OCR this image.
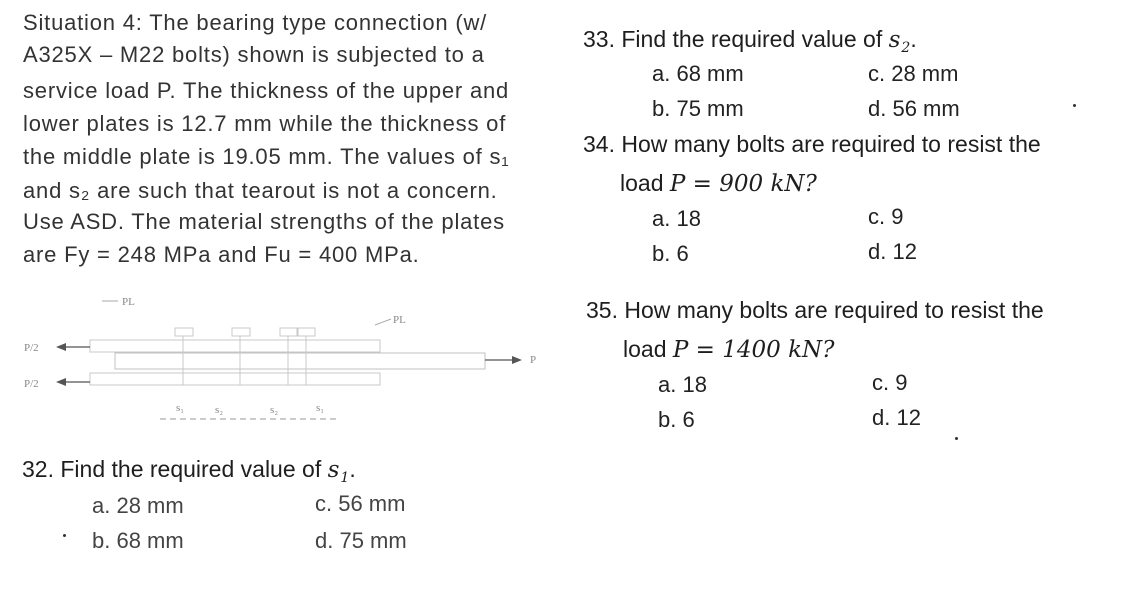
Situation 4: The bearing type connection (w/
A325X – M22 bolts) shown is subjected to a
service load P. The thickness of the upper and
lower plates is 12.7 mm while the thickness of
the middle plate is 19.05 mm. The values of s₁
and s₂ are such that tearout is not a concern.
Use ASD. The material strengths of the plates
are Fy = 248 MPa and Fu = 400 MPa.
PL
PL
P/2
P/2
P
s₁	s₂	s₂	s₁
32. Find the required value of $s_1$.
a. 28 mm
b. 68 mm
c. 56 mm
d. 75 mm
33. Find the required value of $s_2$.
a. 68 mm
b. 75 mm
c. 28 mm
d. 56 mm
34. How many bolts are required to resist the
load P = 900 kN?
a. 18
b. 6
c. 9
d. 12
35. How many bolts are required to resist the
load P = 1400 kN?
a. 18
b. 6
c. 9
d. 12
